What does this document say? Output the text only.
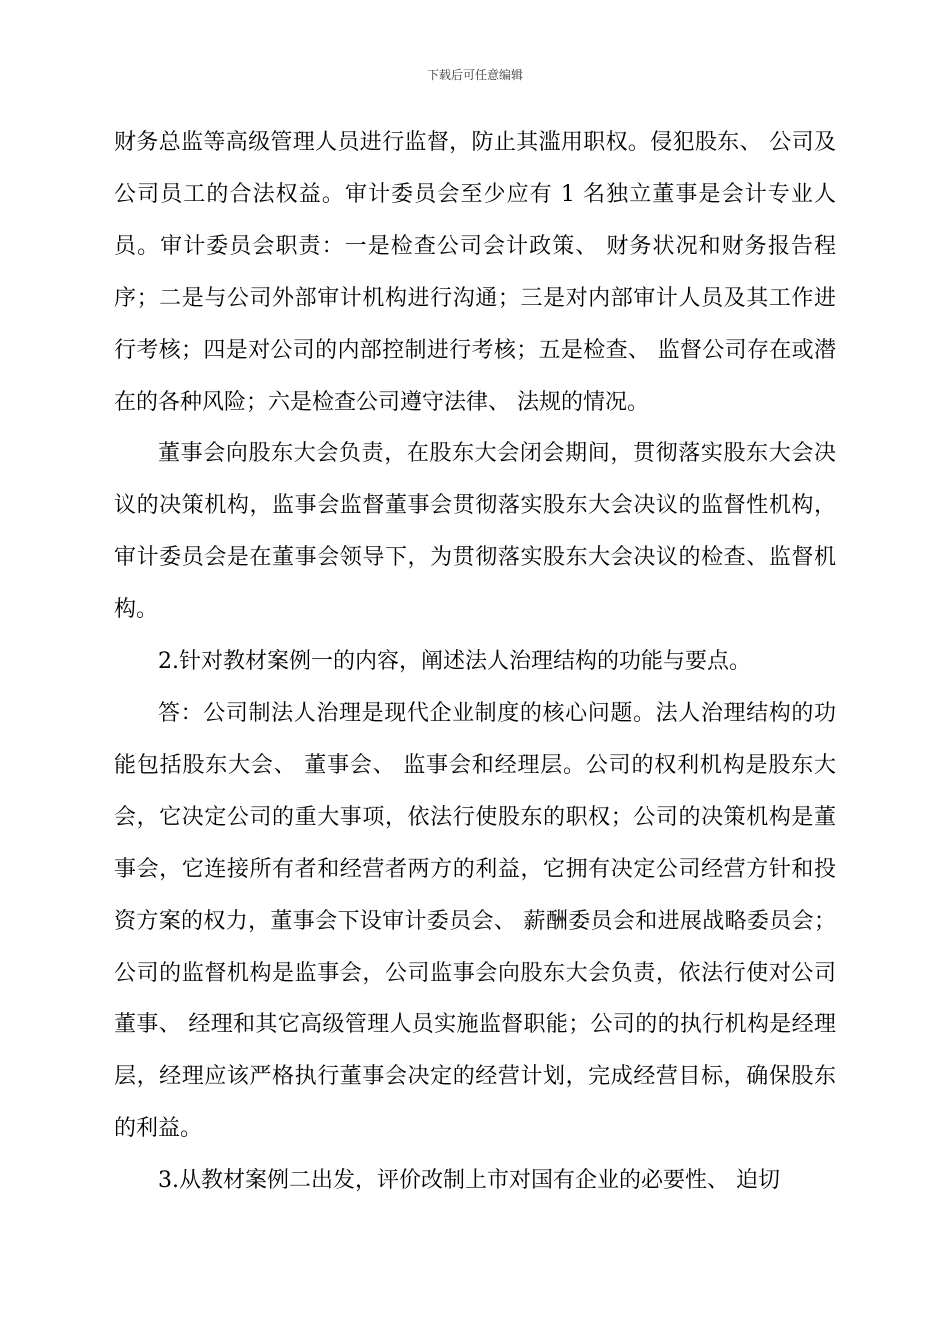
下载后可任意编辑

财务总监等高级管理人员进行监督，防止其滥用职权。侵犯股东、 公司及公司员工的合法权益。审计委员会至少应有 1 名独立董事是会计专业人员。审计委员会职责：一是检查公司会计政策、 财务状况和财务报告程序；二是与公司外部审计机构进行沟通；三是对内部审计人员及其工作进行考核；四是对公司的内部控制进行考核；五是检查、 监督公司存在或潜在的各种风险；六是检查公司遵守法律、 法规的情况。

董事会向股东大会负责，在股东大会闭会期间，贯彻落实股东大会决议的决策机构，监事会监督董事会贯彻落实股东大会决议的监督性机构，审计委员会是在董事会领导下，为贯彻落实股东大会决议的检查、监督机构。

2.针对教材案例一的内容，阐述法人治理结构的功能与要点。

答：公司制法人治理是现代企业制度的核心问题。法人治理结构的功能包括股东大会、 董事会、 监事会和经理层。公司的权利机构是股东大会，它决定公司的重大事项，依法行使股东的职权；公司的决策机构是董事会，它连接所有者和经营者两方的利益，它拥有决定公司经营方针和投资方案的权力，董事会下设审计委员会、 薪酬委员会和进展战略委员会；公司的监督机构是监事会，公司监事会向股东大会负责，依法行使对公司董事、 经理和其它高级管理人员实施监督职能；公司的的执行机构是经理层，经理应该严格执行董事会决定的经营计划，完成经营目标，确保股东的利益。

3.从教材案例二出发，评价改制上市对国有企业的必要性、 迫切
